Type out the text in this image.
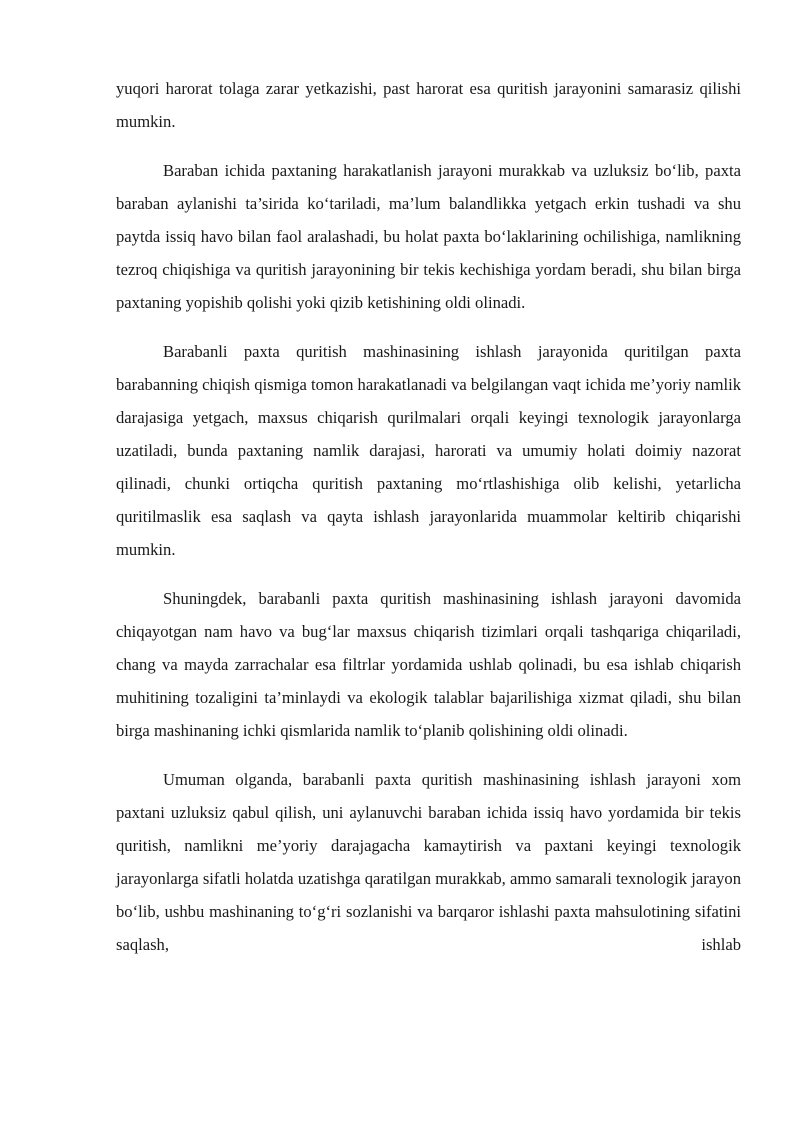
yuqori harorat tolaga zarar yetkazishi, past harorat esa quritish jarayonini samarasiz qilishi mumkin.

Baraban ichida paxtaning harakatlanish jarayoni murakkab va uzluksiz bo‘lib, paxta baraban aylanishi ta’sirida ko‘tariladi, ma’lum balandlikka yetgach erkin tushadi va shu paytda issiq havo bilan faol aralashadi, bu holat paxta bo‘laklarining ochilishiga, namlikning tezroq chiqishiga va quritish jarayonining bir tekis kechishiga yordam beradi, shu bilan birga paxtaning yopishib qolishi yoki qizib ketishining oldi olinadi.

Barabanli paxta quritish mashinasining ishlash jarayonida quritilgan paxta barabanning chiqish qismiga tomon harakatlanadi va belgilangan vaqt ichida me’yoriy namlik darajasiga yetgach, maxsus chiqarish qurilmalari orqali keyingi texnologik jarayonlarga uzatiladi, bunda paxtaning namlik darajasi, harorati va umumiy holati doimiy nazorat qilinadi, chunki ortiqcha quritish paxtaning mo‘rtlashishiga olib kelishi, yetarlicha quritilmaslik esa saqlash va qayta ishlash jarayonlarida muammolar keltirib chiqarishi mumkin.

Shuningdek, barabanli paxta quritish mashinasining ishlash jarayoni davomida chiqayotgan nam havo va bug‘lar maxsus chiqarish tizimlari orqali tashqariga chiqariladi, chang va mayda zarrachalar esa filtrlar yordamida ushlab qolinadi, bu esa ishlab chiqarish muhitining tozaligini ta’minlaydi va ekologik talablar bajarilishiga xizmat qiladi, shu bilan birga mashinaning ichki qismlarida namlik to‘planib qolishining oldi olinadi.

Umuman olganda, barabanli paxta quritish mashinasining ishlash jarayoni xom paxtani uzluksiz qabul qilish, uni aylanuvchi baraban ichida issiq havo yordamida bir tekis quritish, namlikni me’yoriy darajagacha kamaytirish va paxtani keyingi texnologik jarayonlarga sifatli holatda uzatishga qaratilgan murakkab, ammo samarali texnologik jarayon bo‘lib, ushbu mashinaning to‘g‘ri sozlanishi va barqaror ishlashi paxta mahsulotining sifatini saqlash, ishlab
